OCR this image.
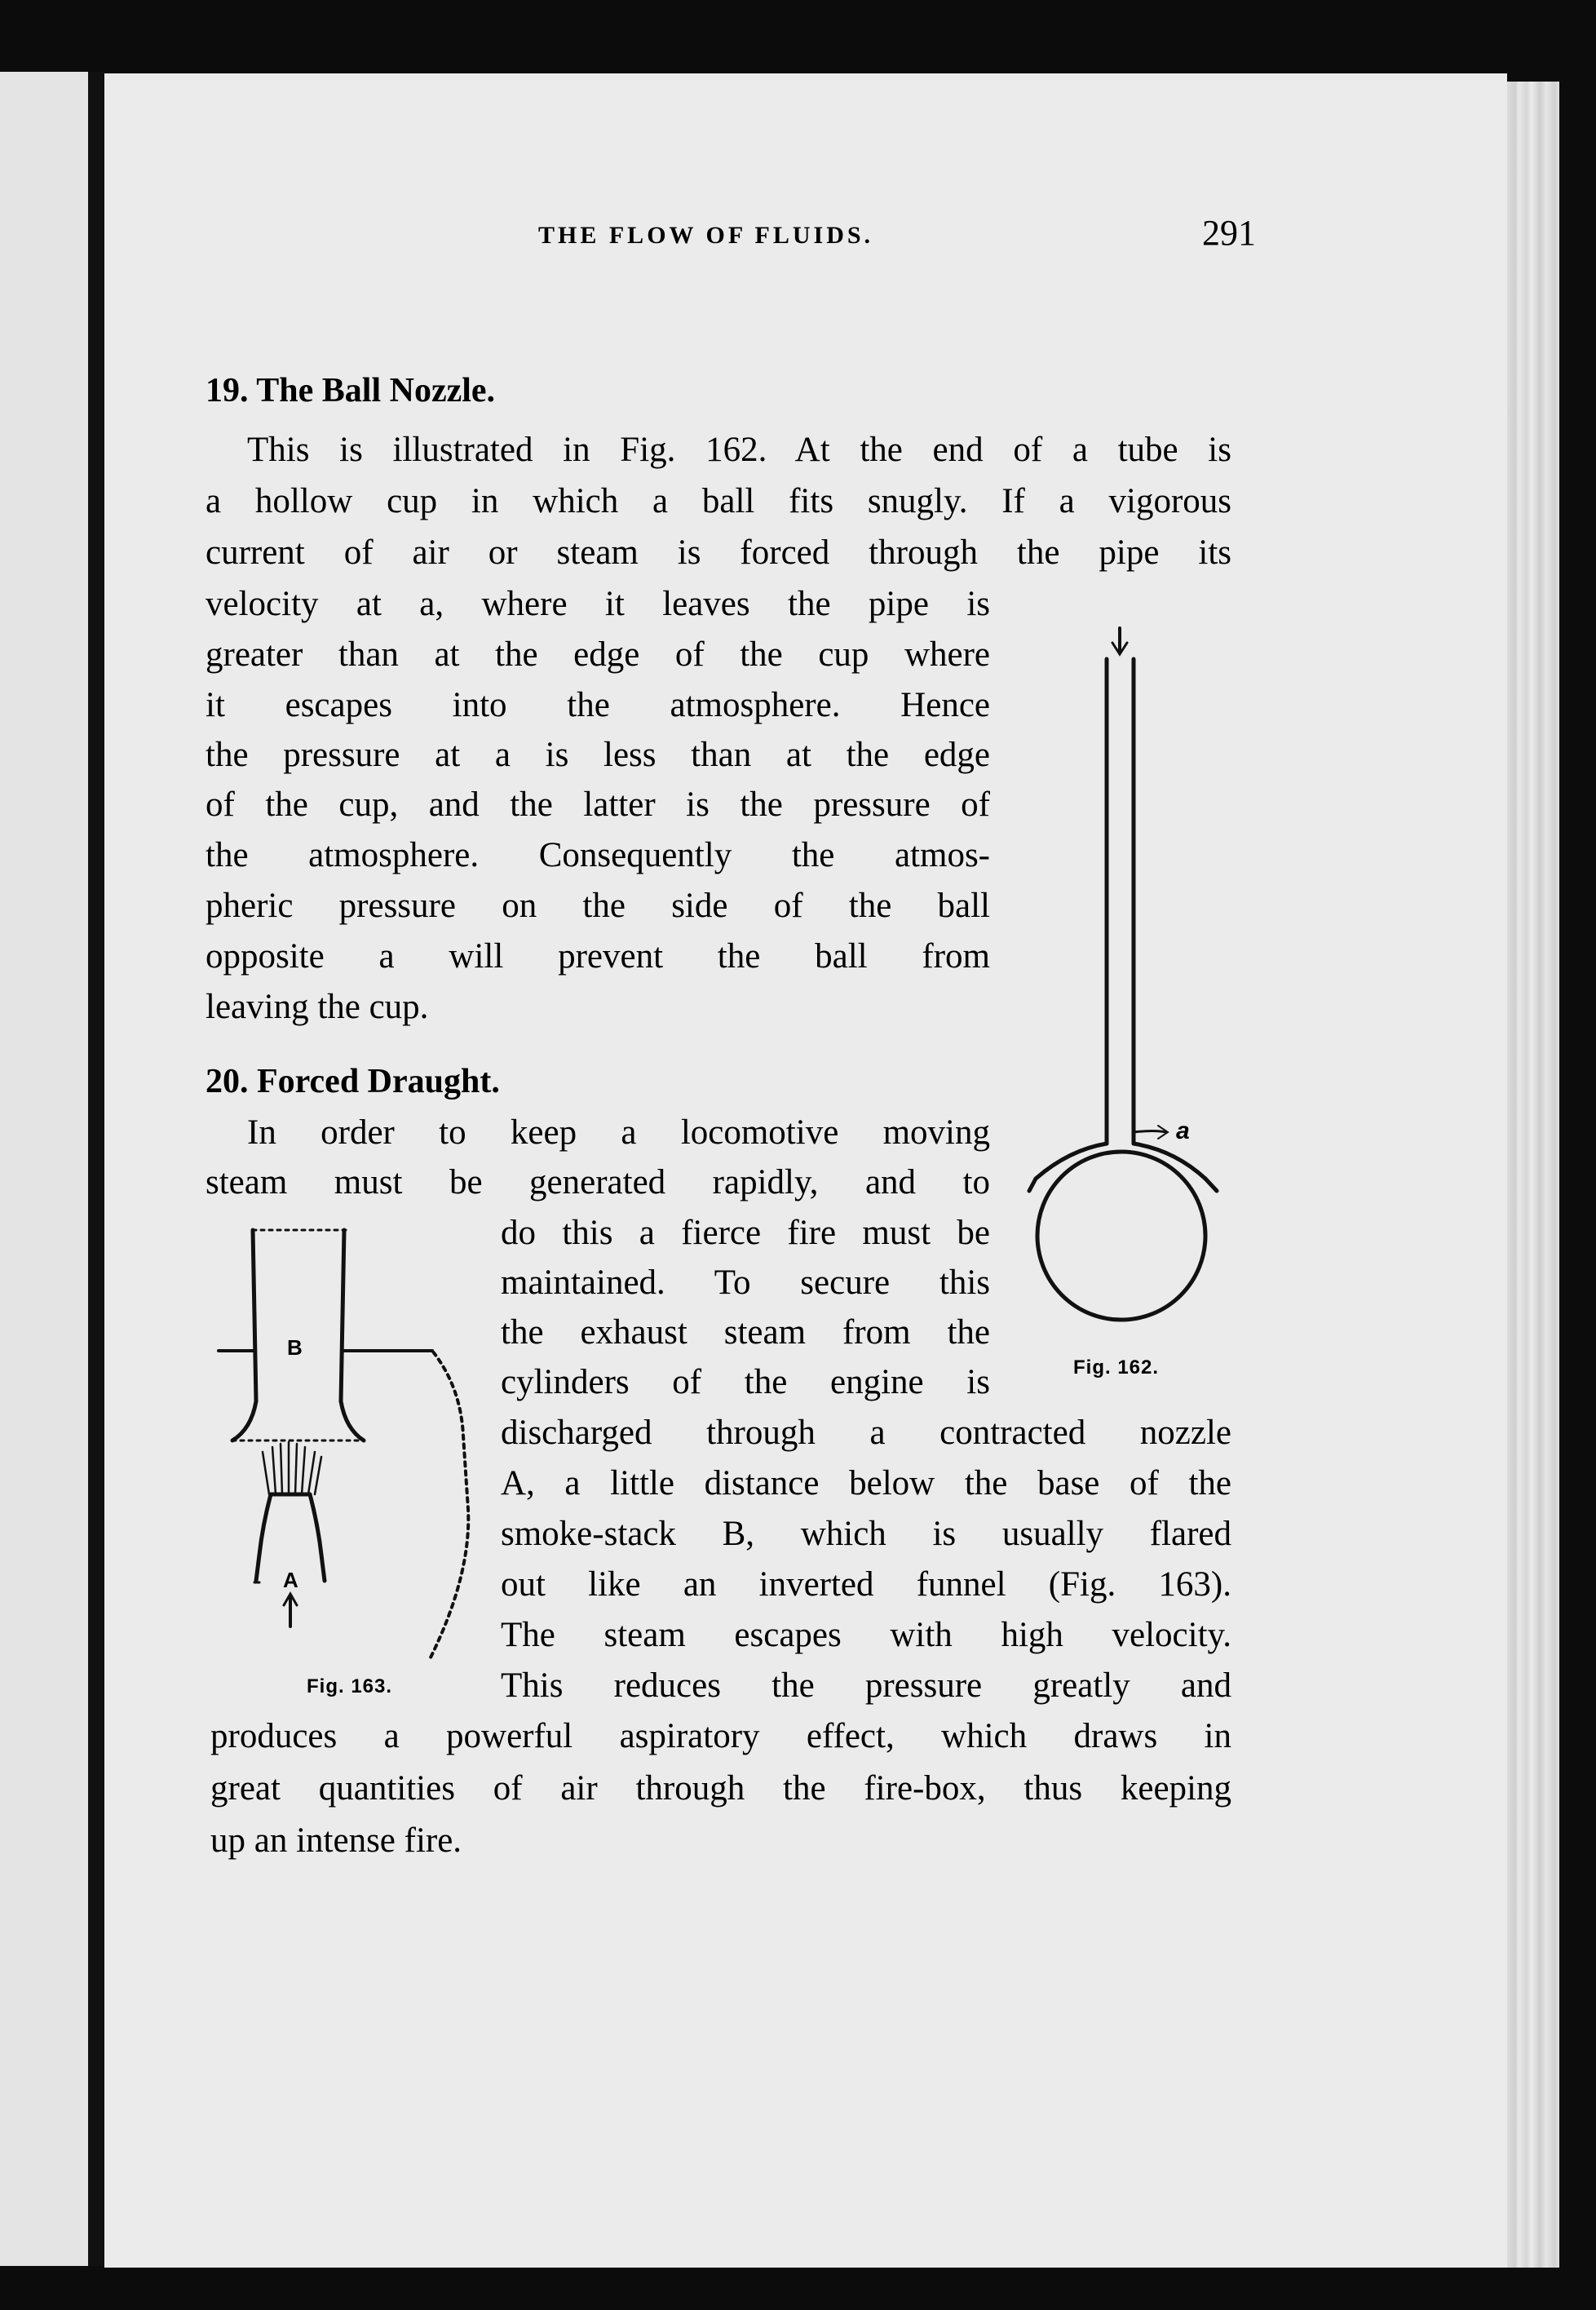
THE FLOW OF FLUIDS.	291
19. The Ball Nozzle.
This is illustrated in Fig. 162. At the end of a tube is
a hollow cup in which a ball fits snugly. If a vigorous
current of air or steam is forced through the pipe its
velocity at a, where it leaves the pipe is
greater than at the edge of the cup where
it escapes into the atmosphere. Hence
the pressure at a is less than at the edge
of the cup, and the latter is the pressure of
the atmosphere. Consequently the atmos-
pheric pressure on the side of the ball
opposite a will prevent the ball from
leaving the cup.
20. Forced Draught.
In order to keep a locomotive moving
steam must be generated rapidly, and to
do this a fierce fire must be
maintained. To secure this
the exhaust steam from the
cylinders of the engine is
discharged through a contracted nozzle
A, a little distance below the base of the
smoke-stack B, which is usually flared
out like an inverted funnel (Fig. 163).
The steam escapes with high velocity.
This reduces the pressure greatly and
produces a powerful aspiratory effect, which draws in
great quantities of air through the fire-box, thus keeping
up an intense fire.
a
Fig. 162.
B
A
Fig. 163.
